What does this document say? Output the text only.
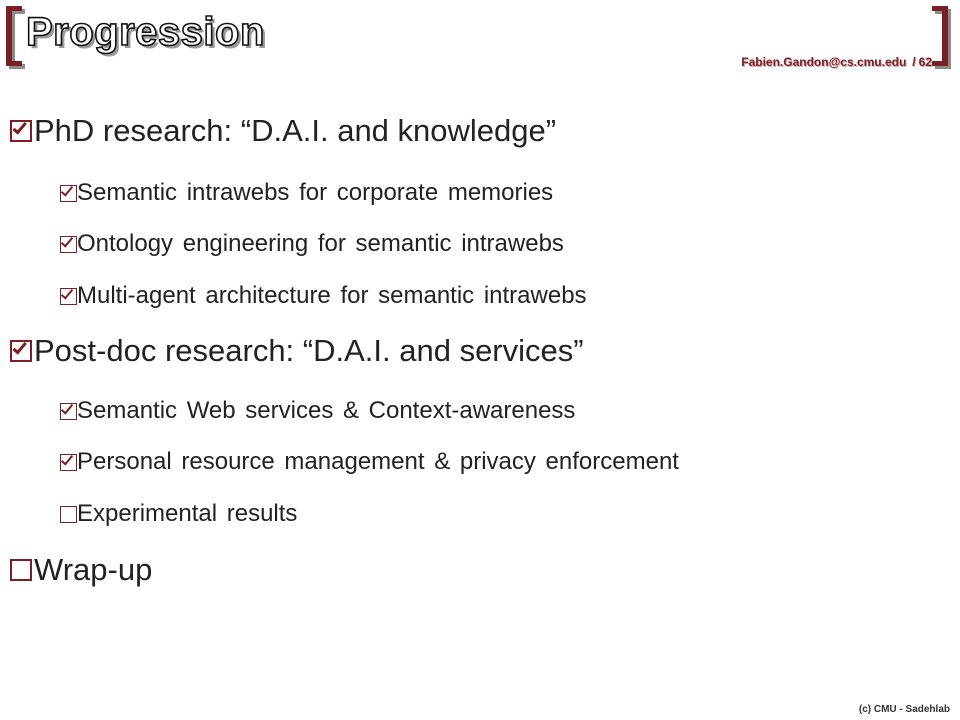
Progression
Fabien.Gandon@cs.cmu.edu / 62
PhD research: “D.A.I. and knowledge”
Semantic intrawebs for corporate memories
Ontology engineering for semantic intrawebs
Multi-agent architecture for semantic intrawebs
Post-doc research: “D.A.I. and services”
Semantic Web services & Context-awareness
Personal resource management & privacy enforcement
Experimental results
Wrap-up
(c) CMU - Sadehlab
